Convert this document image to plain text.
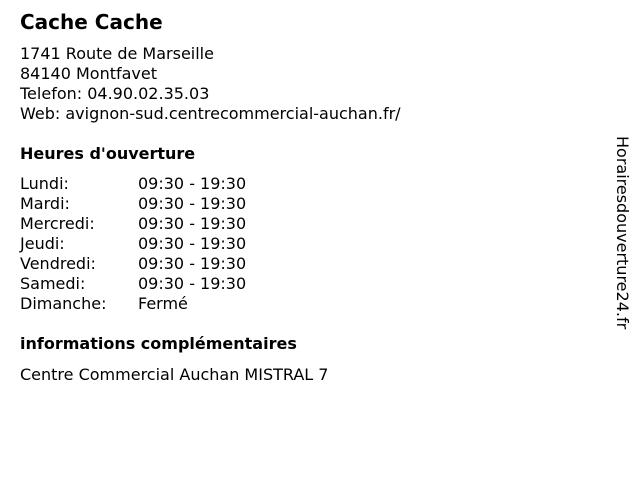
Cache Cache
1741 Route de Marseille
84140 Montfavet
Telefon: 04.90.02.35.03
Web: avignon-sud.centrecommercial-auchan.fr/
Heures d'ouverture
Lundi:	09:30 - 19:30
Mardi:	09:30 - 19:30
Mercredi:	09:30 - 19:30
Jeudi:	09:30 - 19:30
Vendredi:	09:30 - 19:30
Samedi:	09:30 - 19:30
Dimanche:	Fermé
informations complémentaires
Centre Commercial Auchan MISTRAL 7
Horairesdouverture24.fr
